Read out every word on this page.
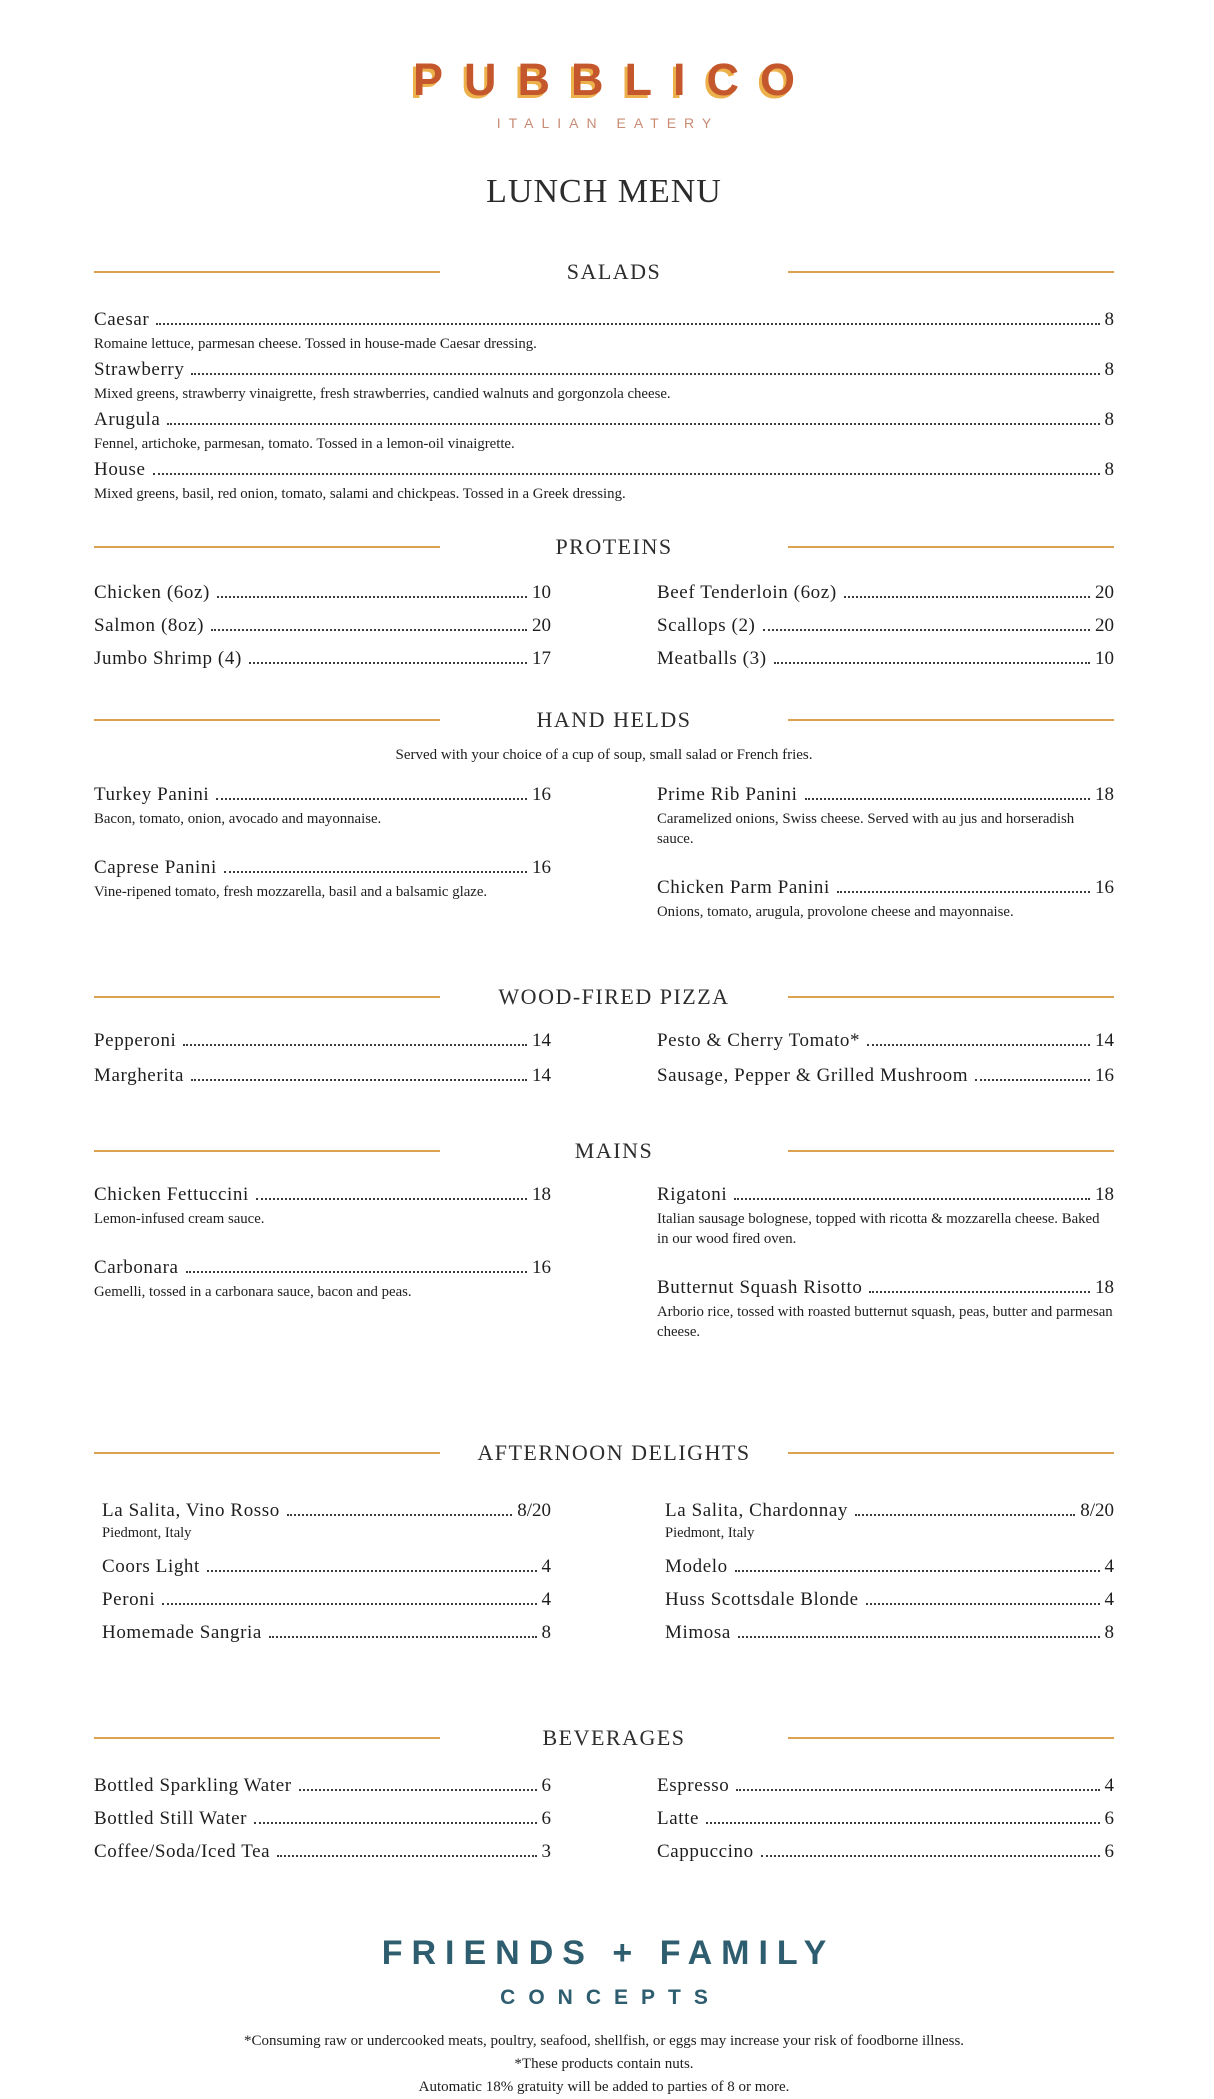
PUBBLICO
ITALIAN EATERY
LUNCH MENU
SALADS
Caesar	8
Romaine lettuce, parmesan cheese. Tossed in house-made Caesar dressing.
Strawberry	8
Mixed greens, strawberry vinaigrette, fresh strawberries, candied walnuts and gorgonzola cheese.
Arugula	8
Fennel, artichoke, parmesan, tomato. Tossed in a lemon-oil vinaigrette.
House	8
Mixed greens, basil, red onion, tomato, salami and chickpeas. Tossed in a Greek dressing.
PROTEINS
Chicken (6oz)	10
Salmon (8oz)	20
Jumbo Shrimp (4)	17
Beef Tenderloin (6oz)	20
Scallops (2)	20
Meatballs (3)	10
HAND HELDS
Served with your choice of a cup of soup, small salad or French fries.
Turkey Panini	16
Bacon, tomato, onion, avocado and mayonnaise.
Caprese Panini	16
Vine-ripened tomato, fresh mozzarella, basil and a balsamic glaze.
Prime Rib Panini	18
Caramelized onions, Swiss cheese. Served with au jus and horseradish sauce.
Chicken Parm Panini	16
Onions, tomato, arugula, provolone cheese and mayonnaise.
WOOD-FIRED PIZZA
Pepperoni	14
Margherita	14
Pesto & Cherry Tomato*	14
Sausage, Pepper & Grilled Mushroom	16
MAINS
Chicken Fettuccini	18
Lemon-infused cream sauce.
Carbonara	16
Gemelli, tossed in a carbonara sauce, bacon and peas.
Rigatoni	18
Italian sausage bolognese, topped with ricotta & mozzarella cheese. Baked in our wood fired oven.
Butternut Squash Risotto	18
Arborio rice, tossed with roasted butternut squash, peas, butter and parmesan cheese.
AFTERNOON DELIGHTS
La Salita, Vino Rosso	8/20
Piedmont, Italy
Coors Light	4
Peroni	4
Homemade Sangria	8
La Salita, Chardonnay	8/20
Piedmont, Italy
Modelo	4
Huss Scottsdale Blonde	4
Mimosa	8
BEVERAGES
Bottled Sparkling Water	6
Bottled Still Water	6
Coffee/Soda/Iced Tea	3
Espresso	4
Latte	6
Cappuccino	6
FRIENDS + FAMILY
CONCEPTS
*Consuming raw or undercooked meats, poultry, seafood, shellfish, or eggs may increase your risk of foodborne illness.
*These products contain nuts.
Automatic 18% gratuity will be added to parties of 8 or more.
